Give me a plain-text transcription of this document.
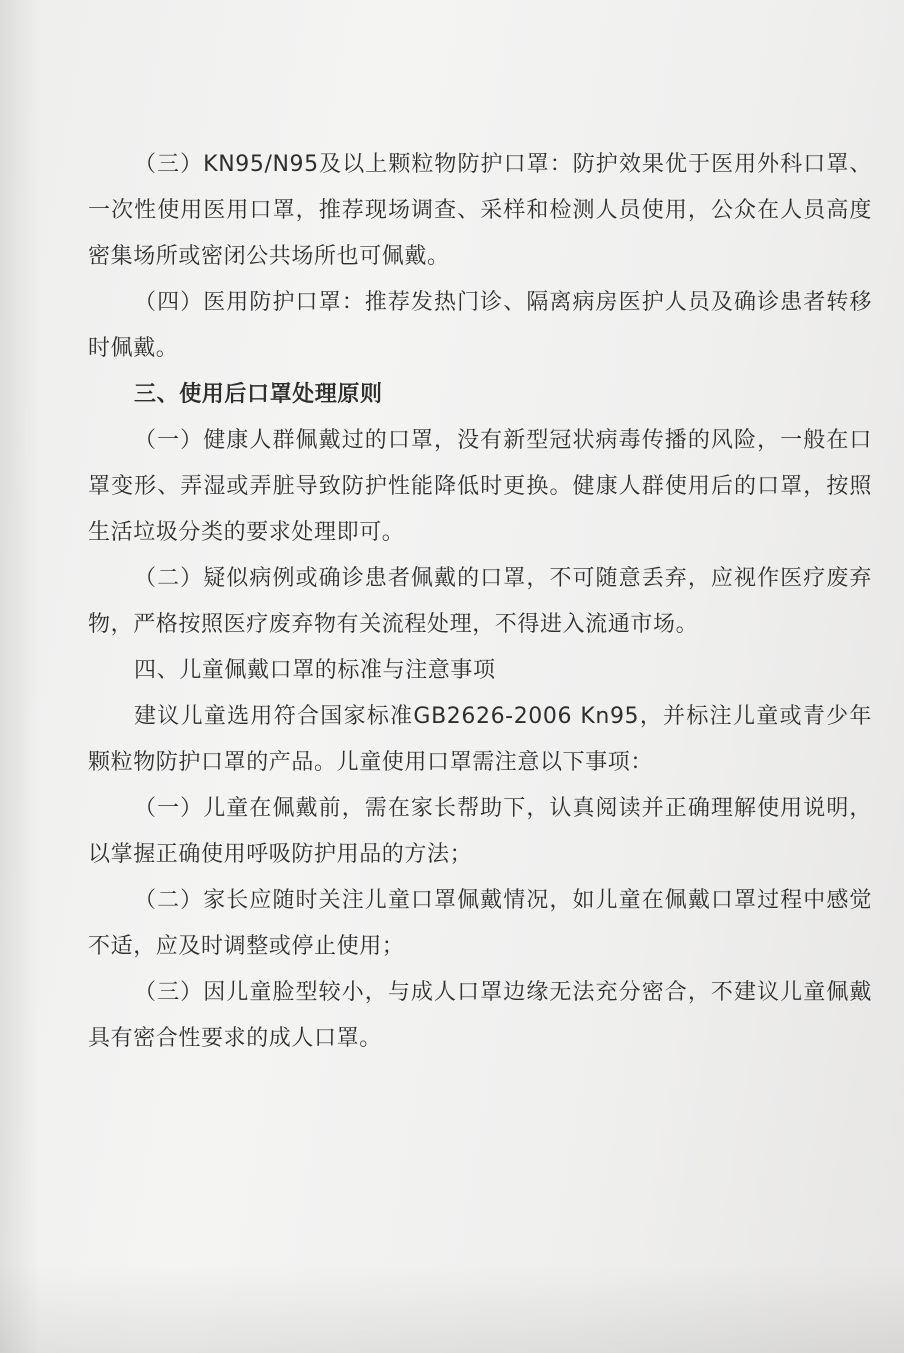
（三）KN95/N95及以上颗粒物防护口罩：防护效果优于医用外科口罩、一次性使用医用口罩，推荐现场调查、采样和检测人员使用，公众在人员高度密集场所或密闭公共场所也可佩戴。

（四）医用防护口罩：推荐发热门诊、隔离病房医护人员及确诊患者转移时佩戴。

三、使用后口罩处理原则

（一）健康人群佩戴过的口罩，没有新型冠状病毒传播的风险，一般在口罩变形、弄湿或弄脏导致防护性能降低时更换。健康人群使用后的口罩，按照生活垃圾分类的要求处理即可。

（二）疑似病例或确诊患者佩戴的口罩，不可随意丢弃，应视作医疗废弃物，严格按照医疗废弃物有关流程处理，不得进入流通市场。

四、儿童佩戴口罩的标准与注意事项

建议儿童选用符合国家标准GB2626-2006 Kn95，并标注儿童或青少年颗粒物防护口罩的产品。儿童使用口罩需注意以下事项：

（一）儿童在佩戴前，需在家长帮助下，认真阅读并正确理解使用说明，以掌握正确使用呼吸防护用品的方法；

（二）家长应随时关注儿童口罩佩戴情况，如儿童在佩戴口罩过程中感觉不适，应及时调整或停止使用；

（三）因儿童脸型较小，与成人口罩边缘无法充分密合，不建议儿童佩戴具有密合性要求的成人口罩。
